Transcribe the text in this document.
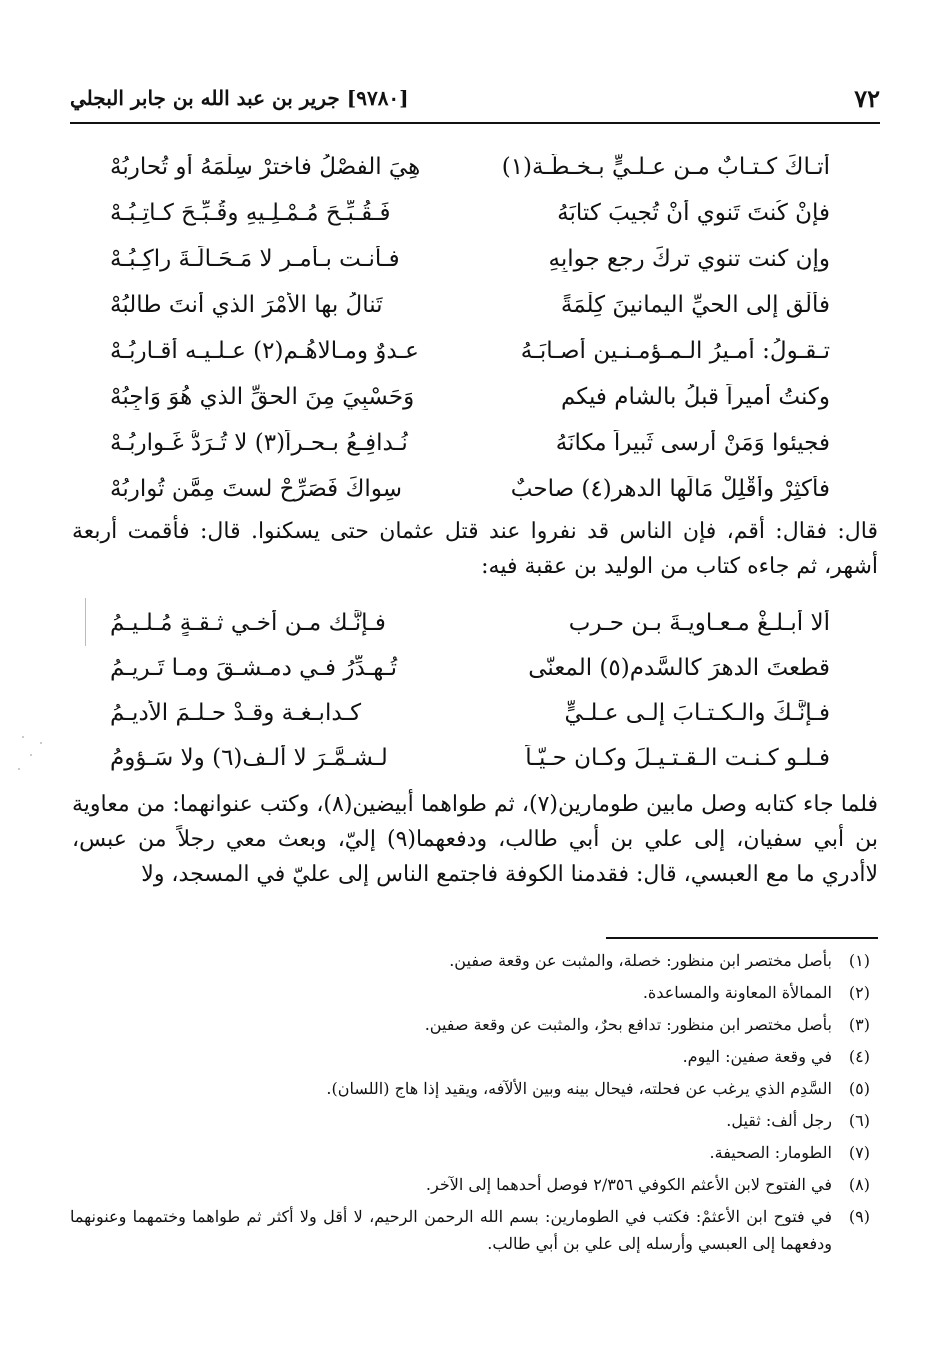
٧٢
[٩٧٨٠] جرير بن عبد الله بن جابر البجلي
أتـاكَ كـتـابٌ مـن عـلـيٍّ بـخـطّـة(١)
هِيَ الفصْلُ فاخترْ سِلْمَهُ أو تُحاربُهْ
فإنْ كُنتَ تَنوي أنْ تُجيبَ كتابَهُ
فَـقُـبِّـحَ مُـمْـلِـيهِ وقُـبِّـحَ كـاتِـبُـهْ
وإن كنت تنوي تركَ رجعِ جوابِهِ
فـأنـت بـأمـرٍ لا مَـحَـالَـةَ راكِـبُـهْ
فألْقِ إلى الحيِّ اليمانينَ كِلْمَةً
تَنالُ بها الأمْرَ الذي أنتَ طالبُهْ
تـقـولُ: أمـيرُ الـمـؤمـنـين أصـابَـهُ
عـدوٌ ومـالاهُـم(٢) عـلـيـه أقـاربُـهْ
وكنتُ أميراً قبلُ بالشام فيكم
وَحَسْبِيَ مِنَ الحقِّ الذي هُوَ وَاجِبُهْ
فجيئوا وَمَنْ أرسى ثَبيراً مكانَهُ
نُـدافِـعُ بـحـراً(٣) لا تُـرَدُّ غَـوارِبُـهْ
فأكثِرْ وأقْلِلْ مَالَها الدهر(٤) صاحبٌ
سِواكَ فَصَرِّحْ لستَ مِمَّن تُوارِبُهْ
قال: فقال: أقم، فإن الناس قد نفروا عند قتل عثمان حتى يسكنوا. قال: فأقمت أربعة أشهر، ثم جاءه كتاب من الوليد بن عقبة فيه:
ألا أبـلـغْ مـعـاويـةَ بـن حـرب
فـإنَّـك مـن أخـي ثـقـةٍ مُـلـيـمُ
قطعتَ الدهرَ كالسَّدم(٥) المعنّى
تُـهـدِّرُ فـي دمـشـقَ ومـا تَـريـمُ
فـإنَّـكَ والـكـتـابَ إلـى عـلـيٍّ
كـدابـغـة وقـدْ حـلـمَ الأديـمُ
فـلـو كـنـت الـقـتـيـلَ وكـان حـيّـاً
لـشـمَّـرَ لا ألـف(٦) ولا سَـؤومُ
فلما جاء كتابه وصل مابين طومارين(٧)، ثم طواهما أبيضين(٨)، وكتب عنوانهما: من معاوية بن أبي سفيان، إلى علي بن أبي طالب، ودفعهما(٩) إليّ، وبعث معي رجلاً من عبس، لاأدري ما مع العبسي، قال: فقدمنا الكوفة فاجتمع الناس إلى عليّ في المسجد، ولا
(١)
بأصل مختصر ابن منظور: خصلة، والمثبت عن وقعة صفين.
(٢)
الممالأة المعاونة والمساعدة.
(٣)
بأصل مختصر ابن منظور: تدافع بحرٌ، والمثبت عن وقعة صفين.
(٤)
في وقعة صفين: اليوم.
(٥)
السَّدِم الذي يرغب عن فحلته، فيحال بينه وبين الألآفه، ويقيد إذا هاج (اللسان).
(٦)
رجل ألف: ثقيل.
(٧)
الطومار: الصحيفة.
(٨)
في الفتوح لابن الأعثم الكوفي ٢/٣٥٦ فوصل أحدهما إلى الآخر.
(٩)
في فتوح ابن الأعثمْ: فكتب في الطومارين: بسم الله الرحمن الرحيم، لا أقل ولا أكثر ثم طواهما وختمهما وعنونهما ودفعهما إلى العبسي وأرسله إلى علي بن أبي طالب.
